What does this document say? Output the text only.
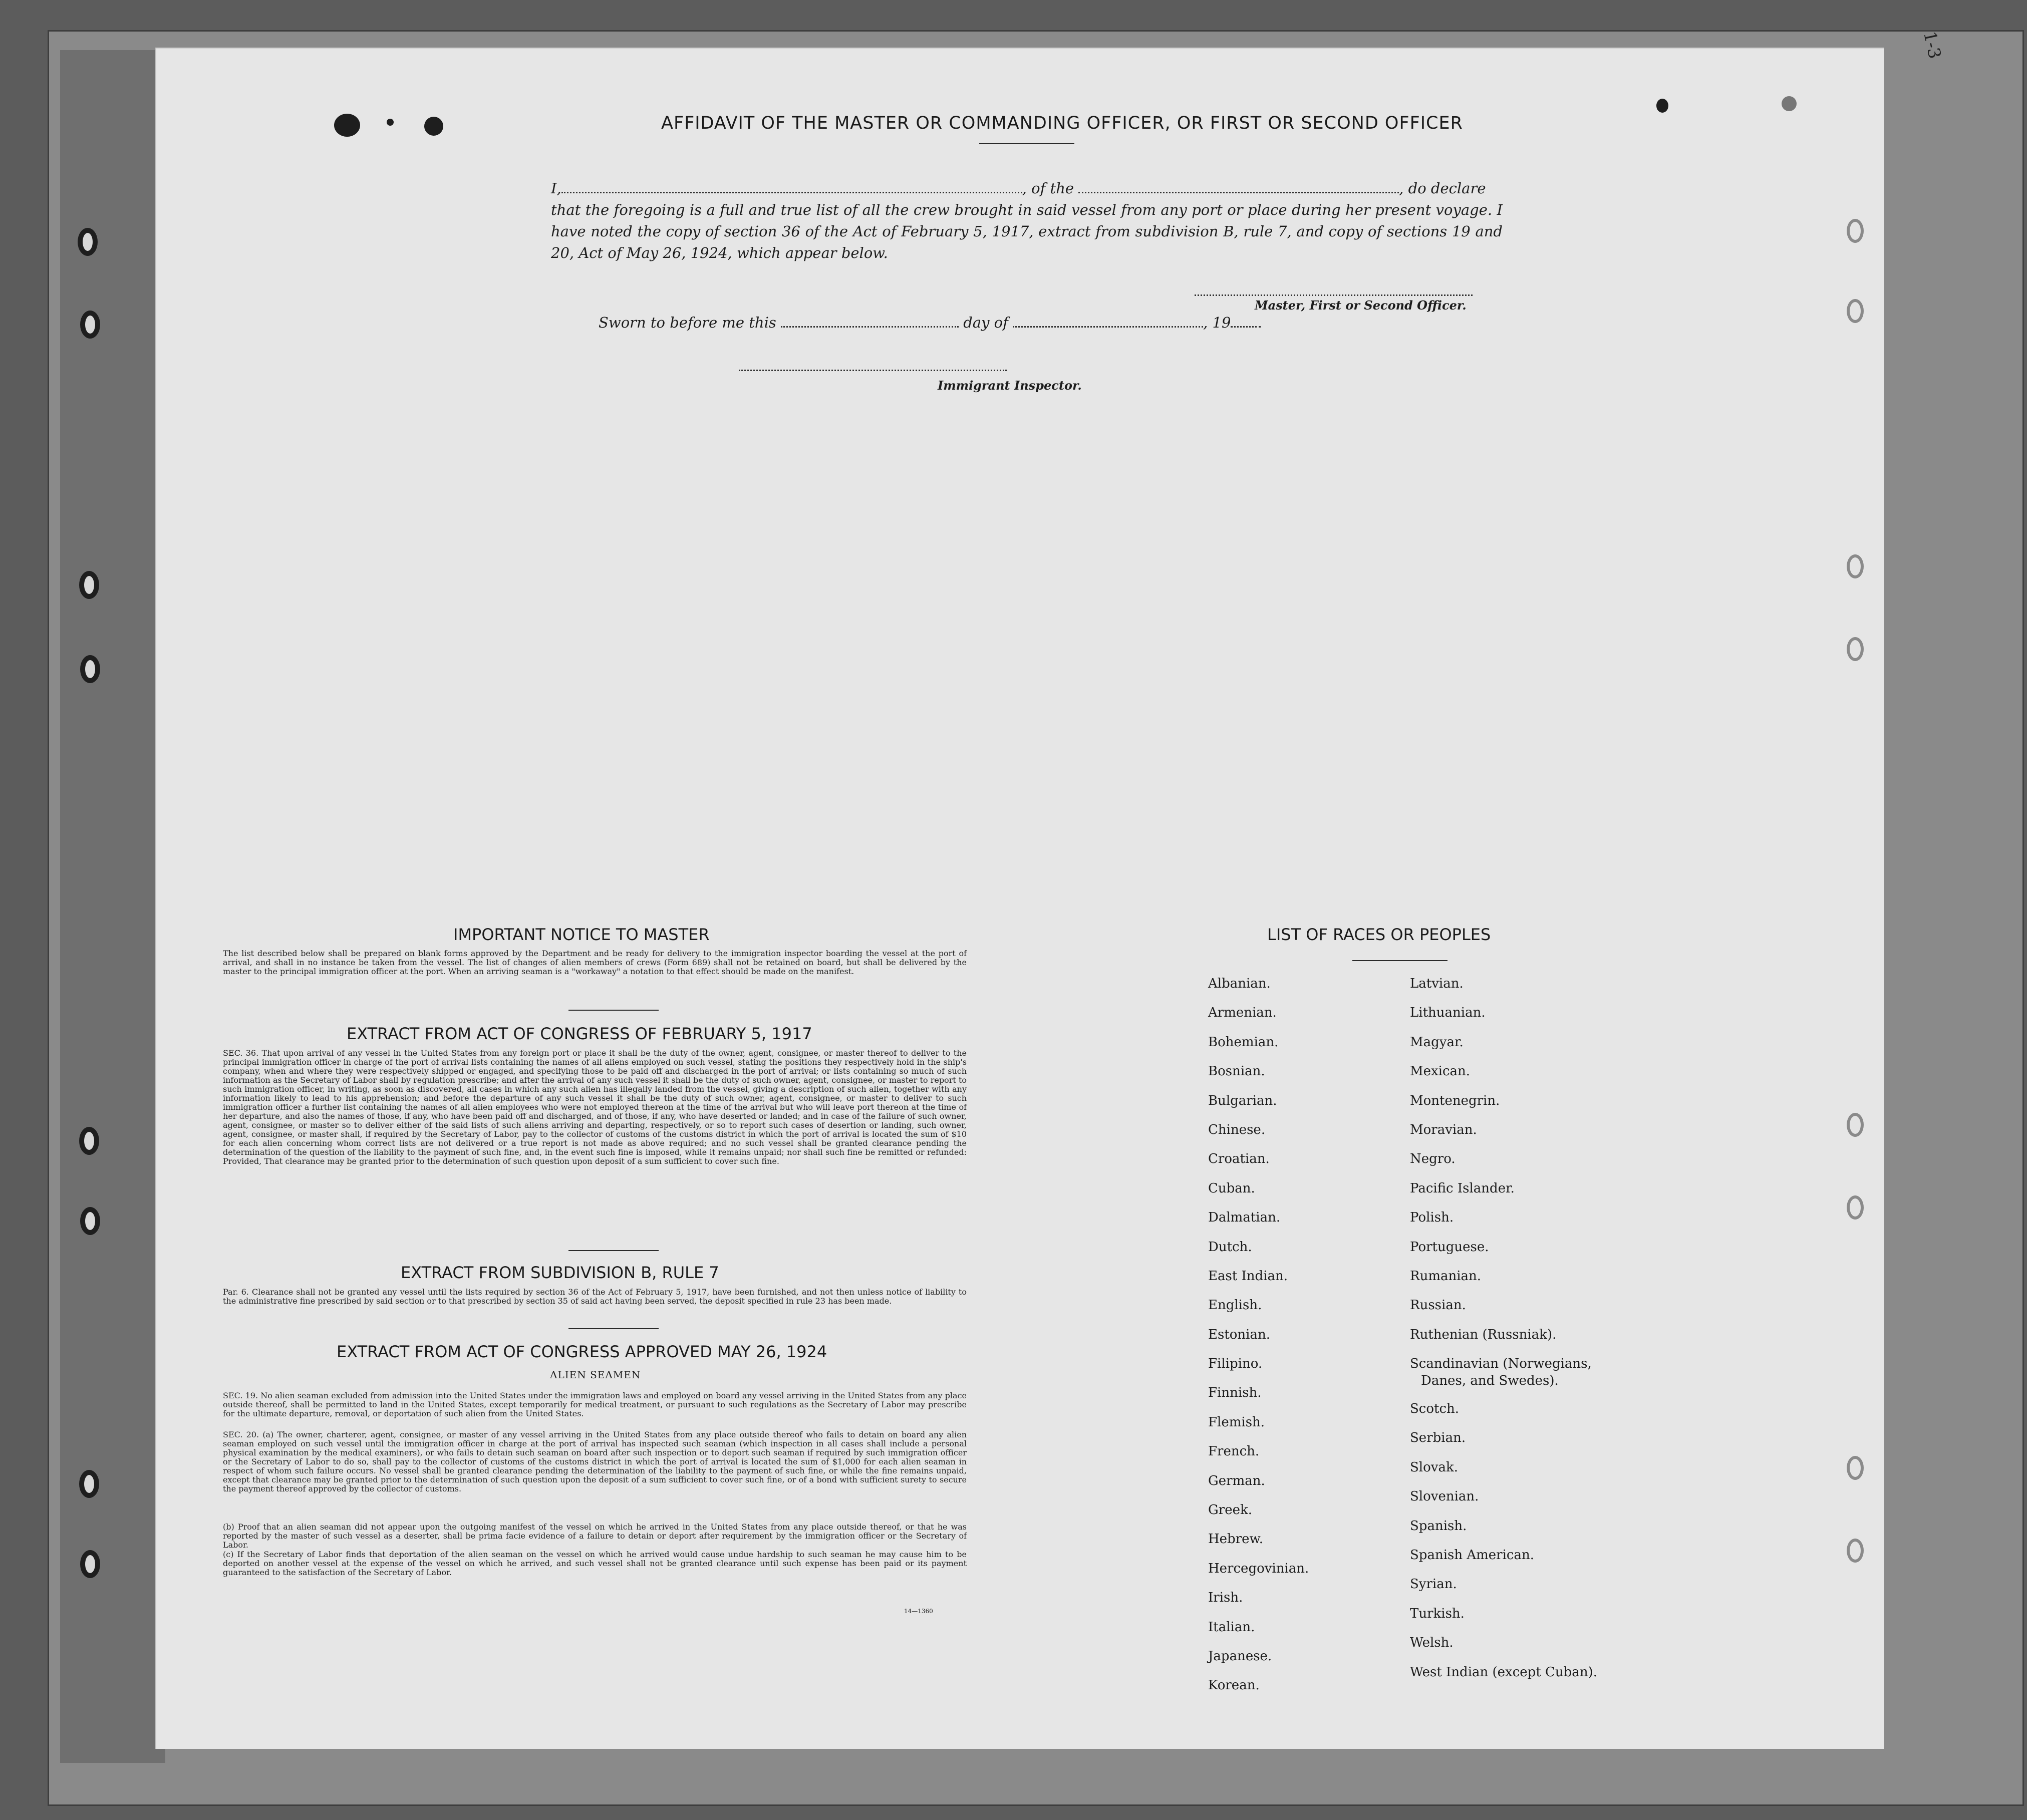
1-3
AFFIDAVIT OF THE MASTER OR COMMANDING OFFICER, OR FIRST OR SECOND OFFICER
I,	, of the	, do declare
that the foregoing is a full and true list of all the crew brought in said vessel from any port or place during her present voyage. I have noted the copy of section 36 of the Act of February 5, 1917, extract from subdivision B, rule 7, and copy of sections 19 and 20, Act of May 26, 1924, which appear below.
Master, First or Second Officer.
Sworn to before me this	day of	, 19
Immigrant Inspector.
IMPORTANT NOTICE TO MASTER
The list described below shall be prepared on blank forms approved by the Department and be ready for delivery to the immigration inspector boarding the vessel at the port of arrival, and shall in no instance be taken from the vessel. The list of changes of alien members of crews (Form 689) shall not be retained on board, but shall be delivered by the master to the principal immigration officer at the port. When an arriving seaman is a "workaway" a notation to that effect should be made on the manifest.
EXTRACT FROM ACT OF CONGRESS OF FEBRUARY 5, 1917
SEC. 36. That upon arrival of any vessel in the United States from any foreign port or place it shall be the duty of the owner, agent, consignee, or master thereof to deliver to the principal immigration officer in charge of the port of arrival lists containing the names of all aliens employed on such vessel, stating the positions they respectively hold in the ship's company, when and where they were respectively shipped or engaged, and specifying those to be paid off and discharged in the port of arrival; or lists containing so much of such information as the Secretary of Labor shall by regulation prescribe; and after the arrival of any such vessel it shall be the duty of such owner, agent, consignee, or master to report to such immigration officer, in writing, as soon as discovered, all cases in which any such alien has illegally landed from the vessel, giving a description of such alien, together with any information likely to lead to his apprehension; and before the departure of any such vessel it shall be the duty of such owner, agent, consignee, or master to deliver to such immigration officer a further list containing the names of all alien employees who were not employed thereon at the time of the arrival but who will leave port thereon at the time of her departure, and also the names of those, if any, who have been paid off and discharged, and of those, if any, who have deserted or landed; and in case of the failure of such owner, agent, consignee, or master so to deliver either of the said lists of such aliens arriving and departing, respectively, or so to report such cases of desertion or landing, such owner, agent, consignee, or master shall, if required by the Secretary of Labor, pay to the collector of customs of the customs district in which the port of arrival is located the sum of $10 for each alien concerning whom correct lists are not delivered or a true report is not made as above required; and no such vessel shall be granted clearance pending the determination of the question of the liability to the payment of such fine, and, in the event such fine is imposed, while it remains unpaid; nor shall such fine be remitted or refunded: Provided, That clearance may be granted prior to the determination of such question upon deposit of a sum sufficient to cover such fine.
EXTRACT FROM SUBDIVISION B, RULE 7
Par. 6. Clearance shall not be granted any vessel until the lists required by section 36 of the Act of February 5, 1917, have been furnished, and not then unless notice of liability to the administrative fine prescribed by said section or to that prescribed by section 35 of said act having been served, the deposit specified in rule 23 has been made.
EXTRACT FROM ACT OF CONGRESS APPROVED MAY 26, 1924
ALIEN SEAMEN
SEC. 19. No alien seaman excluded from admission into the United States under the immigration laws and employed on board any vessel arriving in the United States from any place outside thereof, shall be permitted to land in the United States, except temporarily for medical treatment, or pursuant to such regulations as the Secretary of Labor may prescribe for the ultimate departure, removal, or deportation of such alien from the United States.
SEC. 20. (a) The owner, charterer, agent, consignee, or master of any vessel arriving in the United States from any place outside thereof who fails to detain on board any alien seaman employed on such vessel until the immigration officer in charge at the port of arrival has inspected such seaman (which inspection in all cases shall include a personal physical examination by the medical examiners), or who fails to detain such seaman on board after such inspection or to deport such seaman if required by such immigration officer or the Secretary of Labor to do so, shall pay to the collector of customs of the customs district in which the port of arrival is located the sum of $1,000 for each alien seaman in respect of whom such failure occurs. No vessel shall be granted clearance pending the determination of the liability to the payment of such fine, or while the fine remains unpaid, except that clearance may be granted prior to the determination of such question upon the deposit of a sum sufficient to cover such fine, or of a bond with sufficient surety to secure the payment thereof approved by the collector of customs.
(b) Proof that an alien seaman did not appear upon the outgoing manifest of the vessel on which he arrived in the United States from any place outside thereof, or that he was reported by the master of such vessel as a deserter, shall be prima facie evidence of a failure to detain or deport after requirement by the immigration officer or the Secretary of Labor.
(c) If the Secretary of Labor finds that deportation of the alien seaman on the vessel on which he arrived would cause undue hardship to such seaman he may cause him to be deported on another vessel at the expense of the vessel on which he arrived, and such vessel shall not be granted clearance until such expense has been paid or its payment guaranteed to the satisfaction of the Secretary of Labor.
14—1360
LIST OF RACES OR PEOPLES
Albanian.
Armenian.
Bohemian.
Bosnian.
Bulgarian.
Chinese.
Croatian.
Cuban.
Dalmatian.
Dutch.
East Indian.
English.
Estonian.
Filipino.
Finnish.
Flemish.
French.
German.
Greek.
Hebrew.
Hercegovinian.
Irish.
Italian.
Japanese.
Korean.
Latvian.
Lithuanian.
Magyar.
Mexican.
Montenegrin.
Moravian.
Negro.
Pacific Islander.
Polish.
Portuguese.
Rumanian.
Russian.
Ruthenian (Russniak).
Scandinavian (Norwegians,
Danes, and Swedes).
Scotch.
Serbian.
Slovak.
Slovenian.
Spanish.
Spanish American.
Syrian.
Turkish.
Welsh.
West Indian (except Cuban).
